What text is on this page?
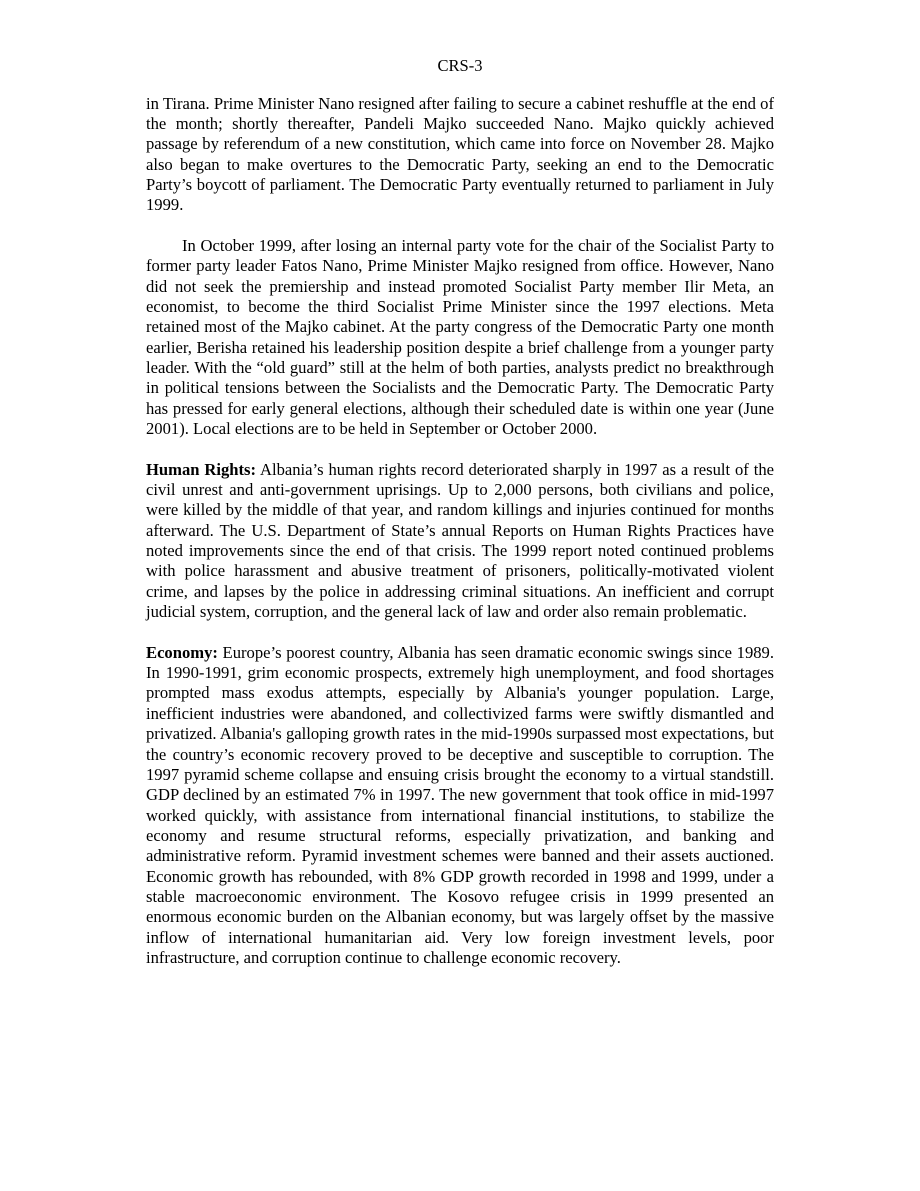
CRS-3

in Tirana. Prime Minister Nano resigned after failing to secure a cabinet reshuffle at the end of the month; shortly thereafter, Pandeli Majko succeeded Nano. Majko quickly achieved passage by referendum of a new constitution, which came into force on November 28. Majko also began to make overtures to the Democratic Party, seeking an end to the Democratic Party’s boycott of parliament. The Democratic Party eventually returned to parliament in July 1999.

In October 1999, after losing an internal party vote for the chair of the Socialist Party to former party leader Fatos Nano, Prime Minister Majko resigned from office. However, Nano did not seek the premiership and instead promoted Socialist Party member Ilir Meta, an economist, to become the third Socialist Prime Minister since the 1997 elections. Meta retained most of the Majko cabinet. At the party congress of the Democratic Party one month earlier, Berisha retained his leadership position despite a brief challenge from a younger party leader. With the “old guard” still at the helm of both parties, analysts predict no breakthrough in political tensions between the Socialists and the Democratic Party. The Democratic Party has pressed for early general elections, although their scheduled date is within one year (June 2001). Local elections are to be held in September or October 2000.

Human Rights: Albania’s human rights record deteriorated sharply in 1997 as a result of the civil unrest and anti-government uprisings. Up to 2,000 persons, both civilians and police, were killed by the middle of that year, and random killings and injuries continued for months afterward. The U.S. Department of State’s annual Reports on Human Rights Practices have noted improvements since the end of that crisis. The 1999 report noted continued problems with police harassment and abusive treatment of prisoners, politically-motivated violent crime, and lapses by the police in addressing criminal situations. An inefficient and corrupt judicial system, corruption, and the general lack of law and order also remain problematic.

Economy: Europe’s poorest country, Albania has seen dramatic economic swings since 1989. In 1990-1991, grim economic prospects, extremely high unemployment, and food shortages prompted mass exodus attempts, especially by Albania's younger population. Large, inefficient industries were abandoned, and collectivized farms were swiftly dismantled and privatized. Albania's galloping growth rates in the mid-1990s surpassed most expectations, but the country’s economic recovery proved to be deceptive and susceptible to corruption. The 1997 pyramid scheme collapse and ensuing crisis brought the economy to a virtual standstill. GDP declined by an estimated 7% in 1997. The new government that took office in mid-1997 worked quickly, with assistance from international financial institutions, to stabilize the economy and resume structural reforms, especially privatization, and banking and administrative reform. Pyramid investment schemes were banned and their assets auctioned. Economic growth has rebounded, with 8% GDP growth recorded in 1998 and 1999, under a stable macroeconomic environment. The Kosovo refugee crisis in 1999 presented an enormous economic burden on the Albanian economy, but was largely offset by the massive inflow of international humanitarian aid. Very low foreign investment levels, poor infrastructure, and corruption continue to challenge economic recovery.
